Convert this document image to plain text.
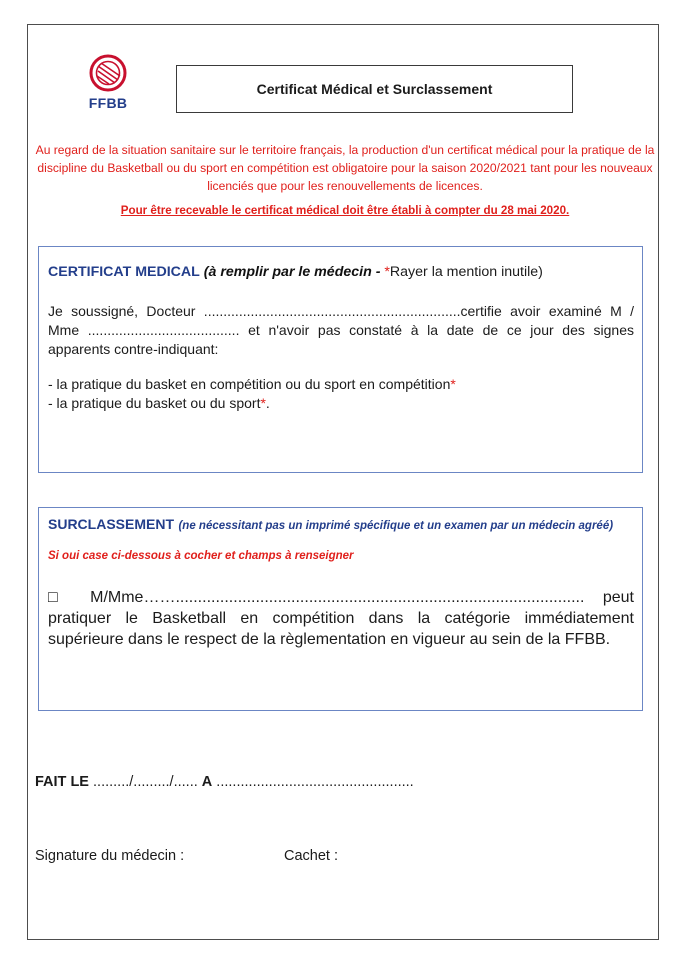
FFBB
Certificat Médical et Surclassement
Au regard de la situation sanitaire sur le territoire français, la production d'un certificat médical pour la pratique de la discipline du Basketball ou du sport en compétition est obligatoire pour la saison 2020/2021 tant pour les nouveaux licenciés que pour les renouvellements de licences.
Pour être recevable le certificat médical doit être établi à compter du 28 mai 2020.
CERTIFICAT MEDICAL (à remplir par le médecin - *Rayer la mention inutile)
Je soussigné, Docteur ..................................................................certifie avoir examiné M / Mme ....................................... et n'avoir pas constaté à la date de ce jour des signes apparents contre-indiquant:
- la pratique du basket en compétition ou du sport en compétition*
- la pratique du basket ou du sport*.
SURCLASSEMENT (ne nécessitant pas un imprimé spécifique et un examen par un médecin agréé)
Si oui case ci-dessous à cocher et champs à renseigner
□ M/Mme……............................................................................................ peut pratiquer le Basketball en compétition dans la catégorie immédiatement supérieure dans le respect de la règlementation en vigueur au sein de la FFBB.
FAIT LE ........./........./...... A .................................................
Signature du médecin :	Cachet :
